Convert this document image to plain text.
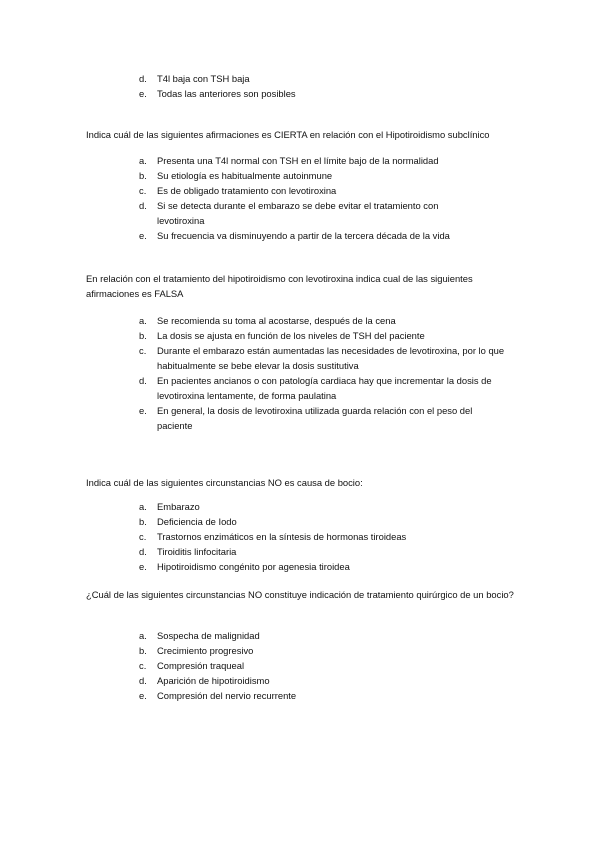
d.	T4l baja con TSH baja
e.	Todas las anteriores son posibles

Indica cuál de las siguientes afirmaciones es CIERTA en relación con el Hipotiroidismo subclínico

a.	Presenta una T4l normal con TSH en el límite bajo de la normalidad
b.	Su etiología es habitualmente autoinmune
c.	Es de obligado tratamiento con levotiroxina
d.	Si se detecta durante el embarazo se debe evitar el tratamiento con levotiroxina
e.	Su frecuencia va disminuyendo a partir de la tercera década de la vida

En relación con el tratamiento del hipotiroidismo con levotiroxina indica cual de las siguientes afirmaciones es FALSA

a.	Se recomienda su toma al acostarse, después de la cena
b.	La dosis se ajusta en función de los niveles de TSH del paciente
c.	Durante el embarazo están aumentadas las necesidades de levotiroxina, por lo que habitualmente se bebe elevar la dosis sustitutiva
d.	En pacientes ancianos o con patología cardiaca hay que incrementar la dosis de levotiroxina lentamente, de forma paulatina
e.	En general, la dosis de levotiroxina utilizada guarda relación con el peso del paciente

Indica cuál de las siguientes circunstancias NO es causa de bocio:

a.	Embarazo
b.	Deficiencia de Iodo
c.	Trastornos enzimáticos en la síntesis de hormonas tiroideas
d.	Tiroiditis linfocitaria
e.	Hipotiroidismo congénito por agenesia tiroidea

¿Cuál de las siguientes circunstancias NO constituye indicación de tratamiento quirúrgico de un bocio?

a.	Sospecha de malignidad
b.	Crecimiento progresivo
c.	Compresión traqueal
d.	Aparición de hipotiroidismo
e.	Compresión del nervio recurrente
